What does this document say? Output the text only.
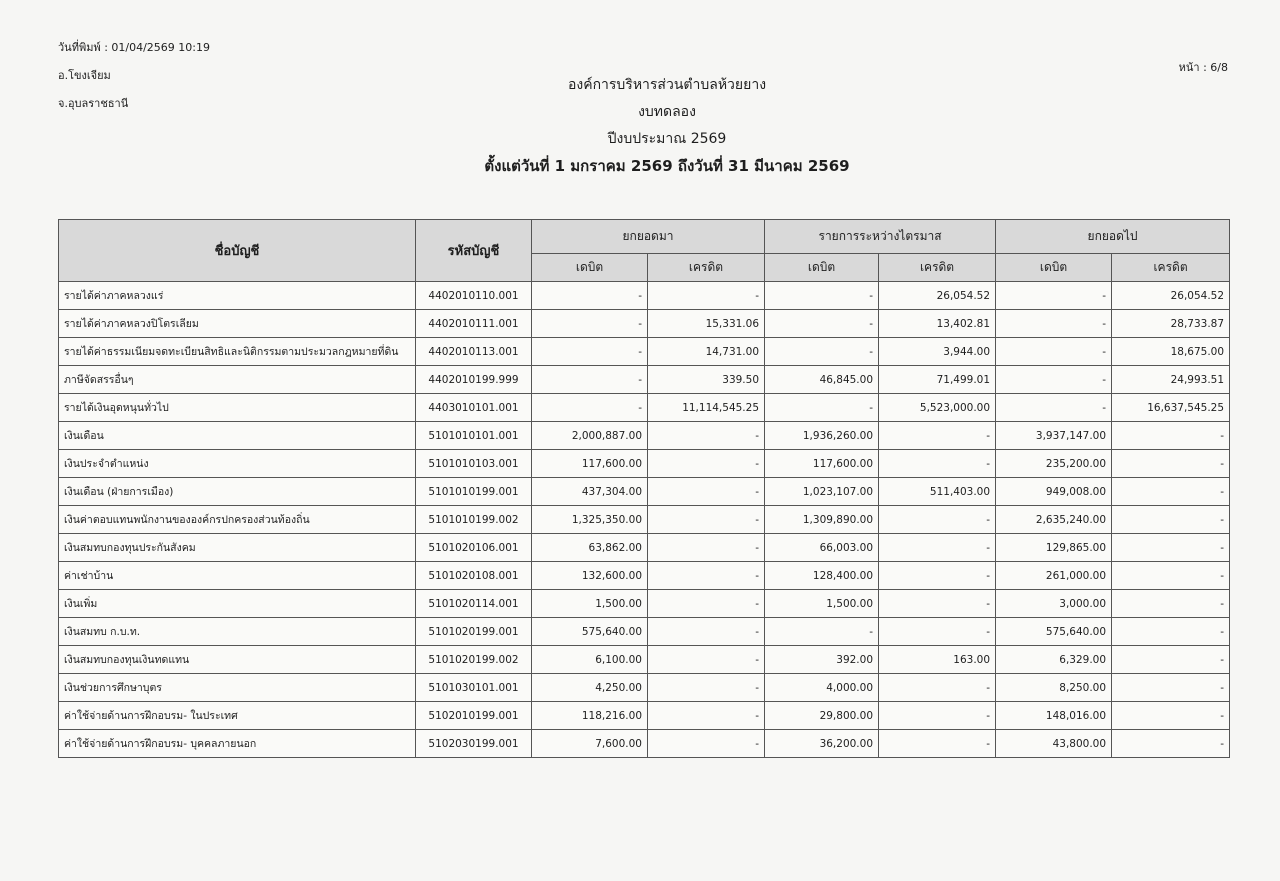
วันที่พิมพ์ : 01/04/2569 10:19
อ.โขงเจียม
จ.อุบลราชธานี
หน้า : 6/8
องค์การบริหารส่วนตำบลห้วยยาง
งบทดลอง
ปีงบประมาณ 2569
ตั้งแต่วันที่ 1 มกราคม 2569 ถึงวันที่ 31 มีนาคม 2569
ชื่อบัญชี	รหัสบัญชี	ยกยอดมา		รายการระหว่างไตรมาส		ยกยอดไป	
		เดบิต	เครดิต	เดบิต	เครดิต	เดบิต	เครดิต
รายได้ค่าภาคหลวงแร่	4402010110.001	-	-	-	26,054.52	-	26,054.52
รายได้ค่าภาคหลวงปิโตรเลียม	4402010111.001	-	15,331.06	-	13,402.81	-	28,733.87
รายได้ค่าธรรมเนียมจดทะเบียนสิทธิและนิติกรรมตามประมวลกฎหมายที่ดิน	4402010113.001	-	14,731.00	-	3,944.00	-	18,675.00
ภาษีจัดสรรอื่นๆ	4402010199.999	-	339.50	46,845.00	71,499.01	-	24,993.51
รายได้เงินอุดหนุนทั่วไป	4403010101.001	-	11,114,545.25	-	5,523,000.00	-	16,637,545.25
เงินเดือน	5101010101.001	2,000,887.00	-	1,936,260.00	-	3,937,147.00	-
เงินประจำตำแหน่ง	5101010103.001	117,600.00	-	117,600.00	-	235,200.00	-
เงินเดือน (ฝ่ายการเมือง)	5101010199.001	437,304.00	-	1,023,107.00	511,403.00	949,008.00	-
เงินค่าตอบแทนพนักงานขององค์กรปกครองส่วนท้องถิ่น	5101010199.002	1,325,350.00	-	1,309,890.00	-	2,635,240.00	-
เงินสมทบกองทุนประกันสังคม	5101020106.001	63,862.00	-	66,003.00	-	129,865.00	-
ค่าเช่าบ้าน	5101020108.001	132,600.00	-	128,400.00	-	261,000.00	-
เงินเพิ่ม	5101020114.001	1,500.00	-	1,500.00	-	3,000.00	-
เงินสมทบ ก.บ.ท.	5101020199.001	575,640.00	-	-	-	575,640.00	-
เงินสมทบกองทุนเงินทดแทน	5101020199.002	6,100.00	-	392.00	163.00	6,329.00	-
เงินช่วยการศึกษาบุตร	5101030101.001	4,250.00	-	4,000.00	-	8,250.00	-
ค่าใช้จ่ายด้านการฝึกอบรม- ในประเทศ	5102010199.001	118,216.00	-	29,800.00	-	148,016.00	-
ค่าใช้จ่ายด้านการฝึกอบรม- บุคคลภายนอก	5102030199.001	7,600.00	-	36,200.00	-	43,800.00	-
